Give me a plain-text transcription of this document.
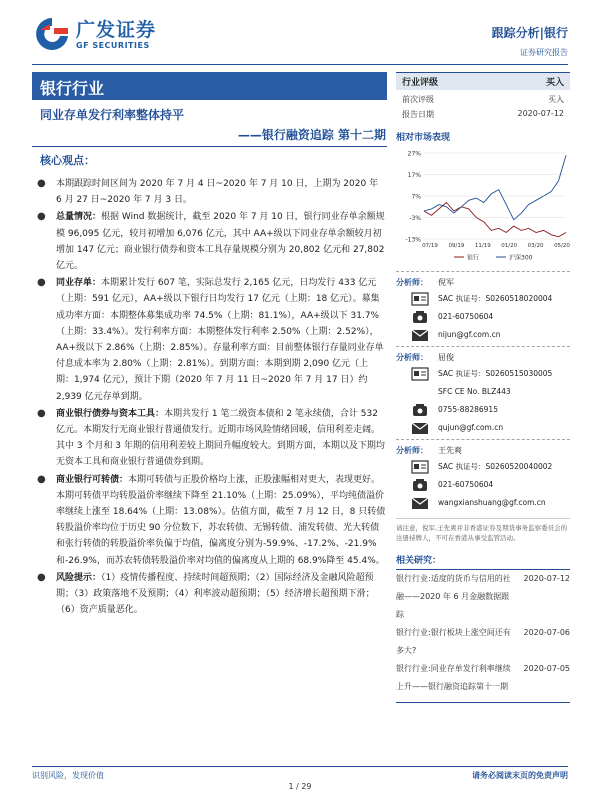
广发证券
GF SECURITIES
跟踪分析|银行
证券研究报告
银行行业
同业存单发行利率整体持平
——银行融资追踪 第十二期
核心观点：
● 本期跟踪时间区间为 2020 年 7 月 4 日~2020 年 7 月 10 日，上期为 2020 年 6 月 27 日~2020 年 7 月 3 日。
● 总量情况：根据 Wind 数据统计，截至 2020 年 7 月 10 日，银行同业存单余额规模 96,095 亿元，较月初增加 6,076 亿元，其中 AA+级以下同业存单余额较月初增加 147 亿元；商业银行债券和资本工具存量规模分别为 20,802 亿元和 27,802 亿元。
● 同业存单：本期累计发行 607 笔，实际总发行 2,165 亿元，日均发行 433 亿元（上期：591 亿元），AA+级以下银行日均发行 17 亿元（上期：18 亿元）。募集成功率方面：本期整体募集成功率 74.5%（上期：81.1%），AA+级以下 31.7%（上期：33.4%）。发行利率方面：本期整体发行利率 2.50%（上期：2.52%），AA+级以下 2.86%（上期：2.85%）。存量利率方面：目前整体银行存量同业存单付息成本率为 2.80%（上期：2.81%）。到期方面：本期到期 2,090 亿元（上期：1,974 亿元），预计下期（2020 年 7 月 11 日~2020 年 7 月 17 日）约 2,939 亿元存单到期。
● 商业银行债券与资本工具：本期共发行 1 笔二级资本债和 2 笔永续债，合计 532 亿元。本期发行无商业银行普通债发行。近期市场风险情绪回暖，信用利差走阔。其中 3 个月和 3 年期的信用利差较上期回升幅度较大。到期方面，本期以及下期均无资本工具和商业银行普通债券到期。
● 商业银行可转债：本期可转债与正股价格均上涨，正股涨幅相对更大，表现更好。本期可转债平均转股溢价率继续下降至 21.10%（上期：25.09%），平均纯债溢价率继续上涨至 18.64%（上期：13.08%）。估值方面，截至 7 月 12 日，8 只转债转股溢价率均位于历史 90 分位数下，苏农转债、无锡转债、浦发转债、光大转债和张行转债的转股溢价率负偏于均值，偏离度分别为-59.9%、-17.2%、-21.9%和-26.9%，而苏农转债转股溢价率对均值的偏离度从上期的 68.9%降至 45.4%。
● 风险提示：（1）疫情传播程度、持续时间超预期；（2）国际经济及金融风险超预期；（3）政策落地不及预期；（4）利率波动超预期；（5）经济增长超预期下滑；（6）资产质量恶化。
行业评级	买入
前次评级	买入
报告日期	2020-07-12
相对市场表现
27%
17%
7%
-3%
-13%
07/19 09/19 11/19 01/20 03/20 05/20
银行	沪深300
分析师：	倪军
SAC 执证号：S0260518020004
021-60750604
nijun@gf.com.cn
分析师：	屈俊
SAC 执证号：S0260515030005
SFC CE No. BLZ443
0755-88286915
qujun@gf.com.cn
分析师：	王先爽
SAC 执证号：S0260520040002
021-60750604
wangxianshuang@gf.com.cn
请注意，倪军,王先爽并非香港证券及期货事务监察委员会的注册持牌人，不可在香港从事受监管活动。
相关研究：
银行行业:适度的货币与信用的社融——2020 年 6 月金融数据跟踪
2020-07-12
银行行业:银行板块上涨空间还有多大?
2020-07-06
银行行业:同业存单发行利率继续上升——银行融资追踪第十一期
2020-07-05
识别风险，发现价值	请务必阅读末页的免责声明
1 / 29
